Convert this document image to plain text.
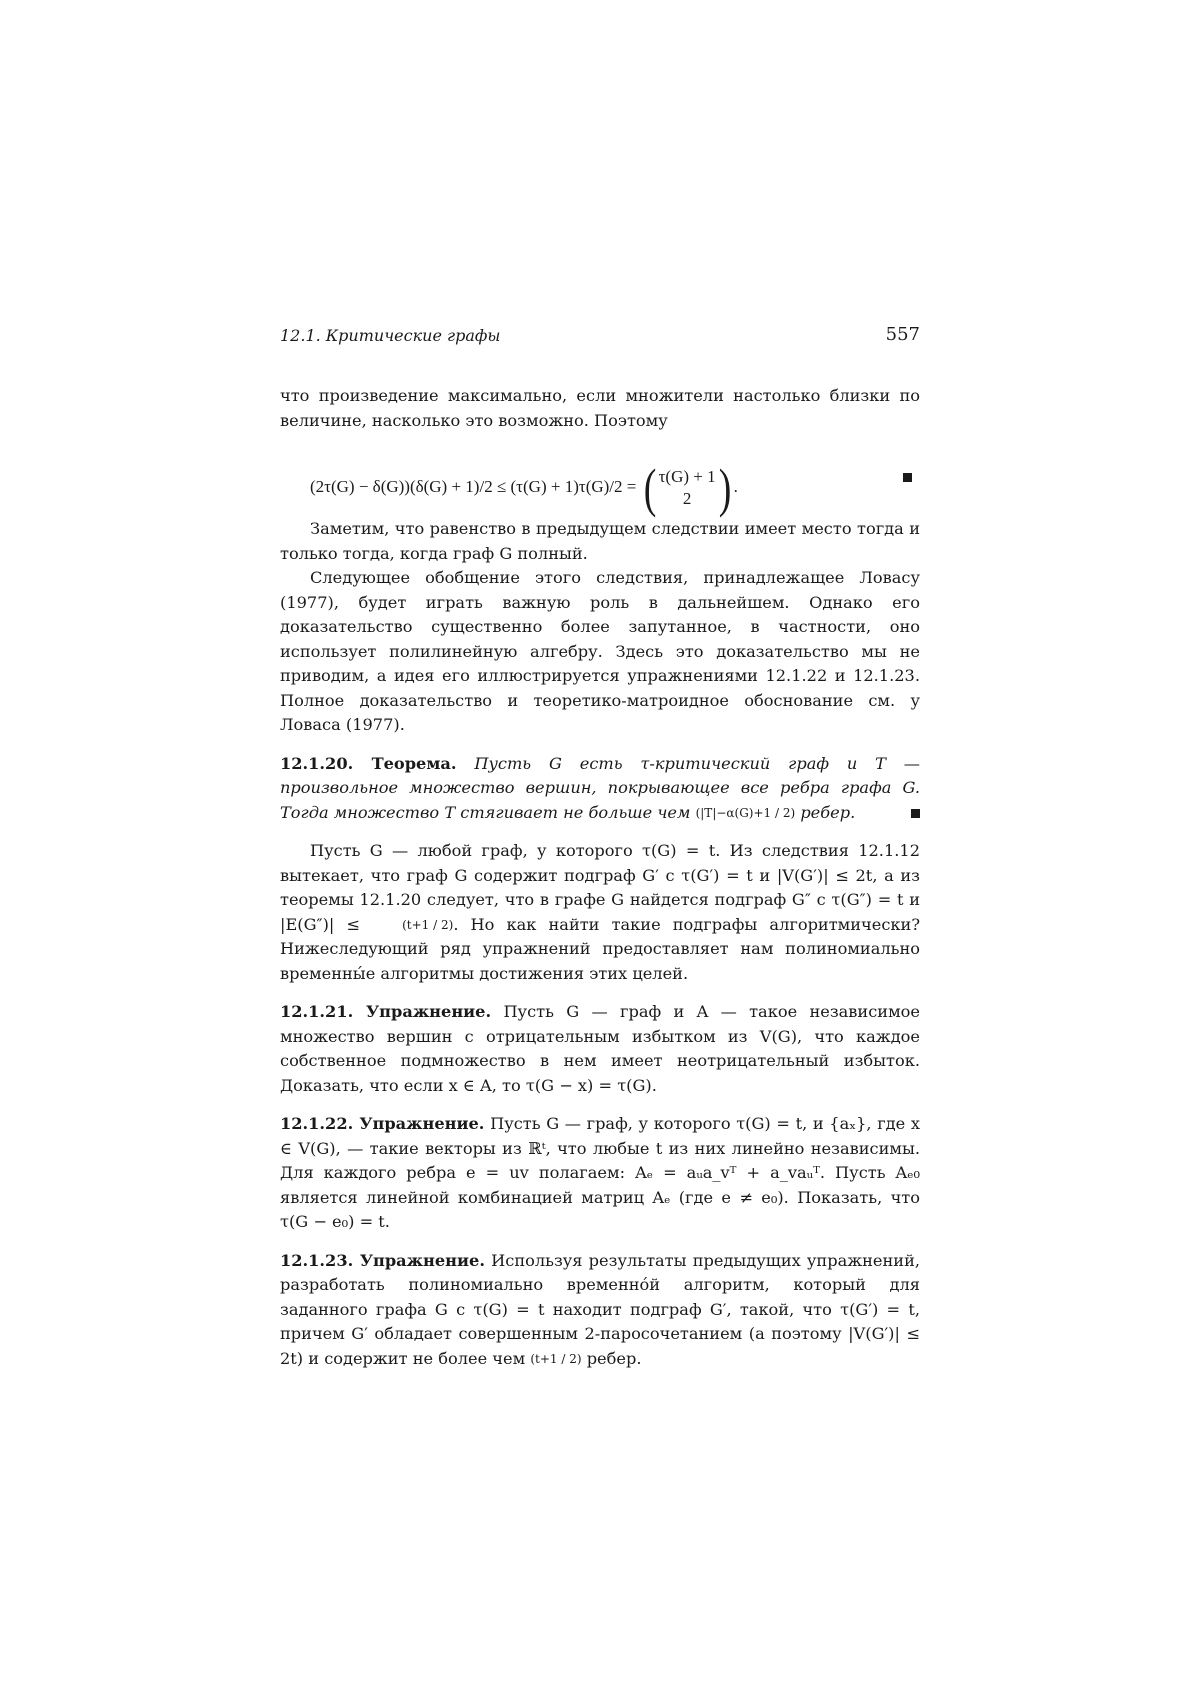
12.1. Критические графы	557

что произведение максимально, если множители настолько близки по величине, насколько это возможно. Поэтому

(2τ(G) − δ(G))(δ(G) + 1)/2 ≤ (τ(G) + 1)τ(G)/2 = ( τ(G) + 1
2 ) .

Заметим, что равенство в предыдущем следствии имеет место тогда и только тогда, когда граф G полный.

Следующее обобщение этого следствия, принадлежащее Ловасу (1977), будет играть важную роль в дальнейшем. Однако его доказательство существенно более запутанное, в частности, оно использует полилинейную алгебру. Здесь это доказательство мы не приводим, а идея его иллюстрируется упражнениями 12.1.22 и 12.1.23. Полное доказательство и теоретико-матроидное обоснование см. у Ловаса (1977).

12.1.20. Теорема. Пусть G есть τ-критический граф и T — произвольное множество вершин, покрывающее все ребра графа G. Тогда множество T стягивает не больше чем (|T|−α(G)+1 / 2) ребер.

Пусть G — любой граф, у которого τ(G) = t. Из следствия 12.1.12 вытекает, что граф G содержит подграф G′ с τ(G′) = t и |V(G′)| ≤ 2t, а из теоремы 12.1.20 следует, что в графе G найдется подграф G″ с τ(G″) = t и |E(G″)| ≤	(t+1 / 2). Но как найти такие подграфы алгоритмически? Нижеследующий ряд упражнений предоставляет нам полиномиально временны́е алгоритмы достижения этих целей.

12.1.21. Упражнение. Пусть G — граф и A — такое независимое множество вершин с отрицательным избытком из V(G), что каждое собственное подмножество в нем имеет неотрицательный избыток. Доказать, что если x ∈ A, то τ(G − x) = τ(G).

12.1.22. Упражнение. Пусть G — граф, у которого τ(G) = t, и {aₓ}, где x ∈ V(G), — такие векторы из ℝᵗ, что любые t из них линейно независимы. Для каждого ребра e = uv полагаем: Aₑ = aᵤa_vᵀ + a_vaᵤᵀ. Пусть Aₑ₀ является линейной комбинацией матриц Aₑ (где e ≠ e₀). Показать, что τ(G − e₀) = t.

12.1.23. Упражнение. Используя результаты предыдущих упражнений, разработать полиномиально временно́й алгоритм, который для заданного графа G с τ(G) = t находит подграф G′, такой, что τ(G′) = t, причем G′ обладает совершенным 2-паросочетанием (а поэтому |V(G′)| ≤ 2t) и содержит не более чем (t+1 / 2) ребер.
